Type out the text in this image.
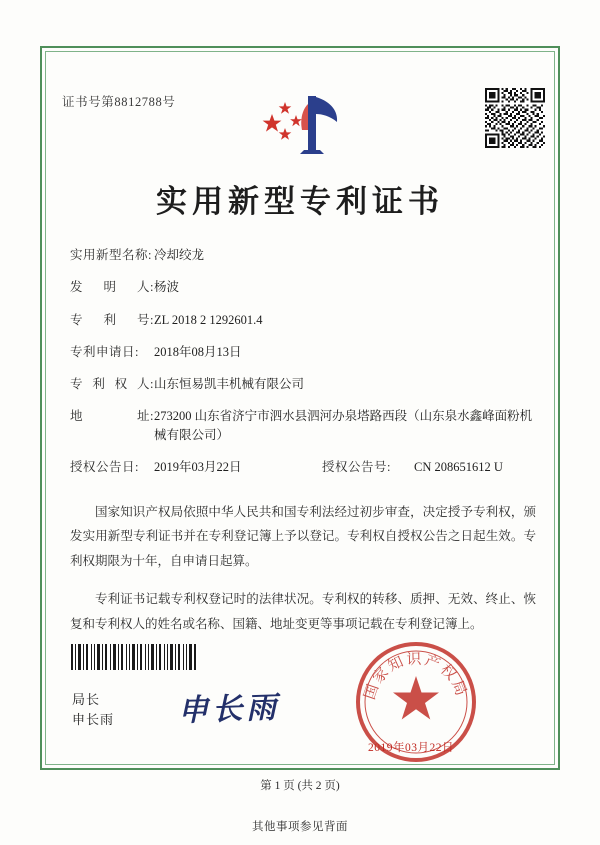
证书号第8812788号
实用新型专利证书
实用新型名称: 冷却绞龙
发 明 人: 杨波
专 利 号: ZL 2018 2 1292601.4
专利申请日:	2018年08月13日
专 利 权 人: 山东恒易凯丰机械有限公司
地	址: 273200 山东省济宁市泗水县泗河办泉塔路西段（山东泉水鑫峰面粉机械有限公司）
授权公告日:	2019年03月22日	授权公告号:	CN 208651612 U

国家知识产权局依照中华人民共和国专利法经过初步审查，决定授予专利权，颁发实用新型专利证书并在专利登记簿上予以登记。专利权自授权公告之日起生效。专利权期限为十年，自申请日起算。

专利证书记载专利权登记时的法律状况。专利权的转移、质押、无效、终止、恢复和专利权人的姓名或名称、国籍、地址变更等事项记载在专利登记簿上。

局长
申长雨 申长雨	国家知识产权局
2019年03月22日
第 1 页 (共 2 页)
其他事项参见背面
